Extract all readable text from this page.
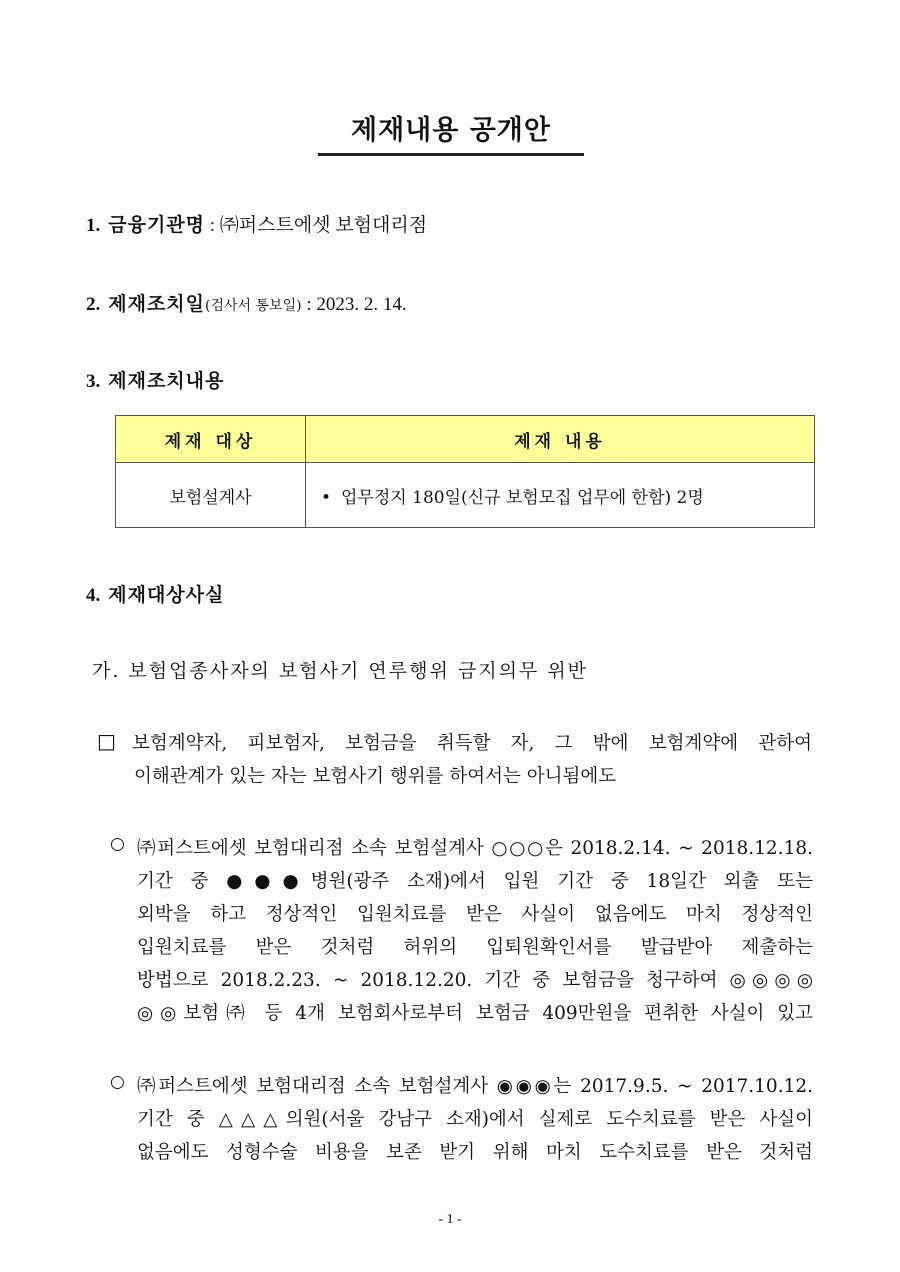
제재내용 공개안
1. 금융기관명 : ㈜퍼스트에셋 보험대리점
2. 제재조치일(검사서 통보일) : 2023. 2. 14.
3. 제재조치내용
제재 대상	제재 내용
보험설계사	• 업무정지 180일(신규 보험모집 업무에 한함) 2명
4. 제재대상사실
가. 보험업종사자의 보험사기 연루행위 금지의무 위반
□ 보험계약자, 피보험자, 보험금을 취득할 자, 그 밖에 보험계약에 관하여
이해관계가 있는 자는 보험사기 행위를 하여서는 아니됨에도
○ ㈜퍼스트에셋 보험대리점 소속 보험설계사 ○○○은 2018.2.14. ~ 2018.12.18.
기간 중 ●●●병원(광주 소재)에서 입원 기간 중 18일간 외출 또는
외박을 하고 정상적인 입원치료를 받은 사실이 없음에도 마치 정상적인
입원치료를 받은 것처럼 허위의 입퇴원확인서를 발급받아 제출하는
방법으로 2018.2.23. ~ 2018.12.20. 기간 중 보험금을 청구하여 ◎◎◎◎
◎◎보험㈜ 등 4개 보험회사로부터 보험금 409만원을 편취한 사실이 있고
○ ㈜퍼스트에셋 보험대리점 소속 보험설계사 ◉◉◉는 2017.9.5. ~ 2017.10.12.
기간 중 △△△의원(서울 강남구 소재)에서 실제로 도수치료를 받은 사실이
없음에도 성형수술 비용을 보존 받기 위해 마치 도수치료를 받은 것처럼
- 1 -
